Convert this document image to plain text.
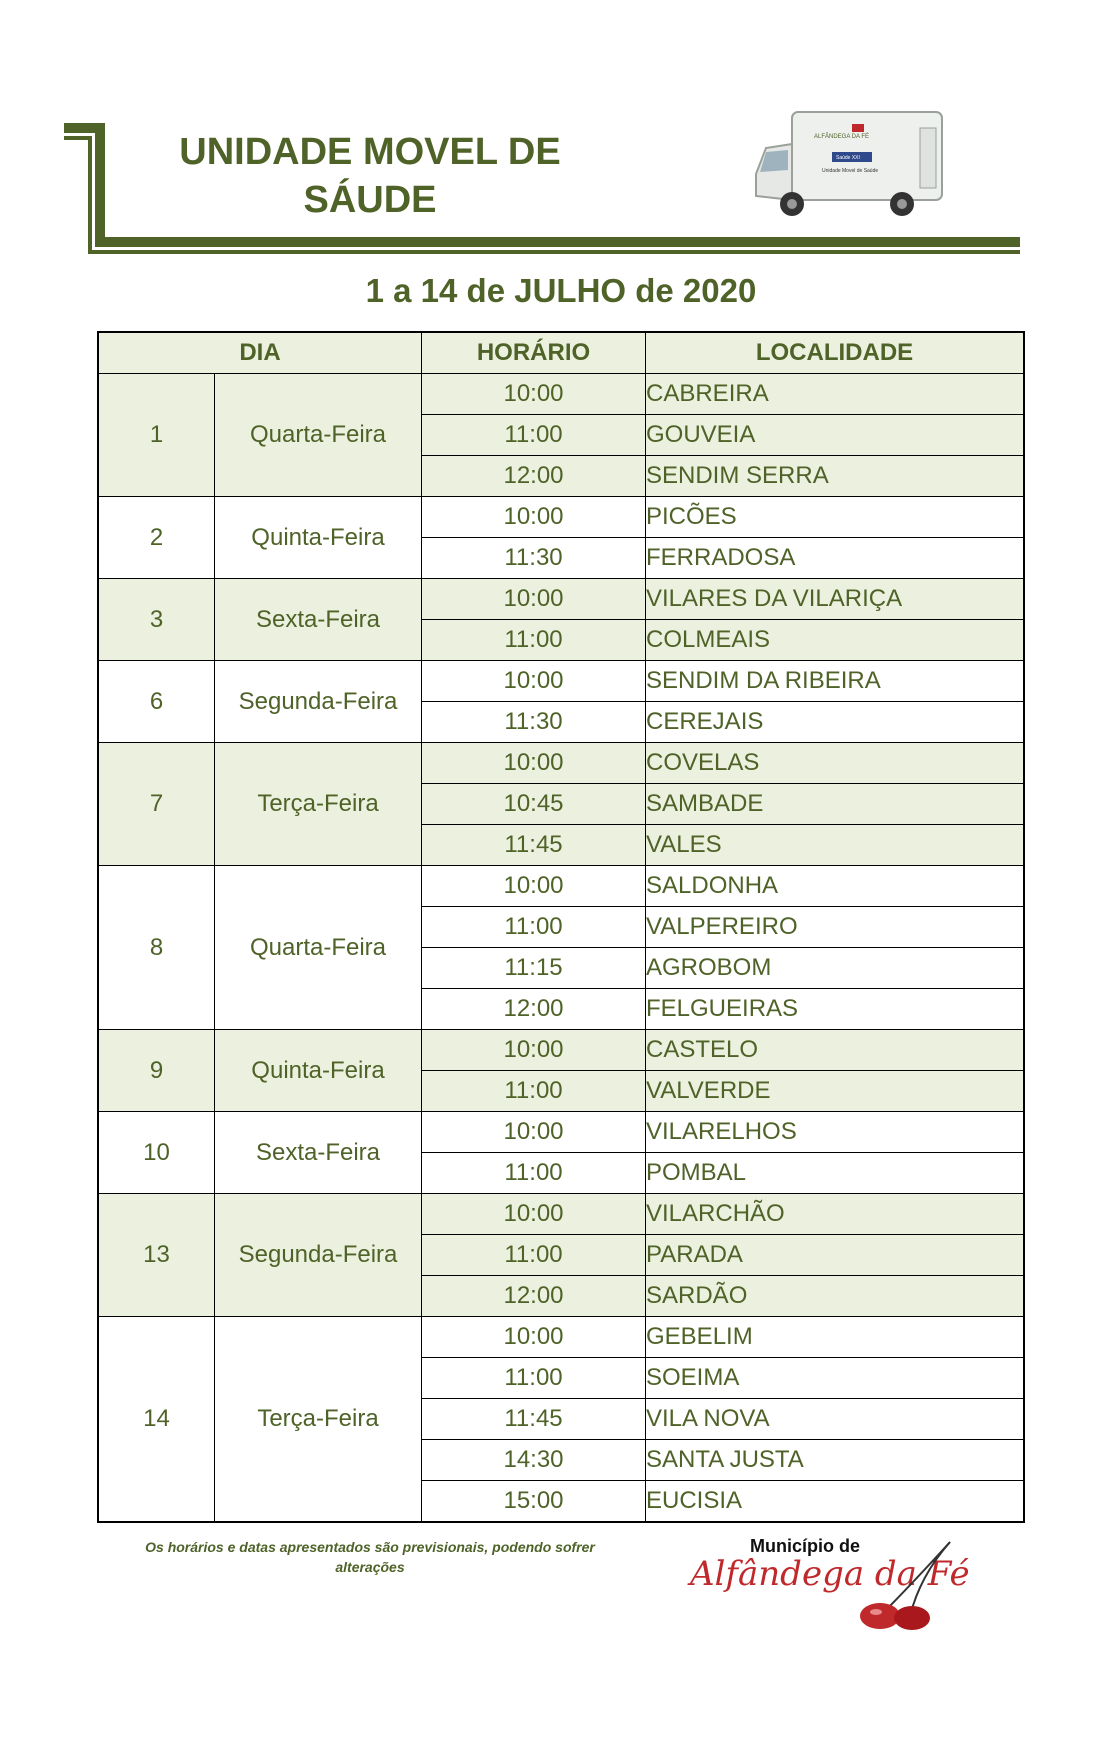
UNIDADE MOVEL DE
SÁUDE
ALFÂNDEGA DA FÉ
Saúde XXI
Unidade Movel de Saúde
1 a 14 de JULHO de 2020
DIA		HORÁRIO	LOCALIDADE
1	Quarta-Feira	10:00	CABREIRA
		11:00	GOUVEIA
		12:00	SENDIM SERRA
2	Quinta-Feira	10:00	PICÕES
		11:30	FERRADOSA
3	Sexta-Feira	10:00	VILARES DA VILARIÇA
		11:00	COLMEAIS
6	Segunda-Feira	10:00	SENDIM DA RIBEIRA
		11:30	CEREJAIS
7	Terça-Feira	10:00	COVELAS
		10:45	SAMBADE
		11:45	VALES
8	Quarta-Feira	10:00	SALDONHA
		11:00	VALPEREIRO
		11:15	AGROBOM
		12:00	FELGUEIRAS
9	Quinta-Feira	10:00	CASTELO
		11:00	VALVERDE
10	Sexta-Feira	10:00	VILARELHOS
		11:00	POMBAL
13	Segunda-Feira	10:00	VILARCHÃO
		11:00	PARADA
		12:00	SARDÃO
14	Terça-Feira	10:00	GEBELIM
		11:00	SOEIMA
		11:45	VILA NOVA
		14:30	SANTA JUSTA
		15:00	EUCISIA
Os horários e datas apresentados são previsionais, podendo sofrer alterações
Município de
Alfândega da Fé
